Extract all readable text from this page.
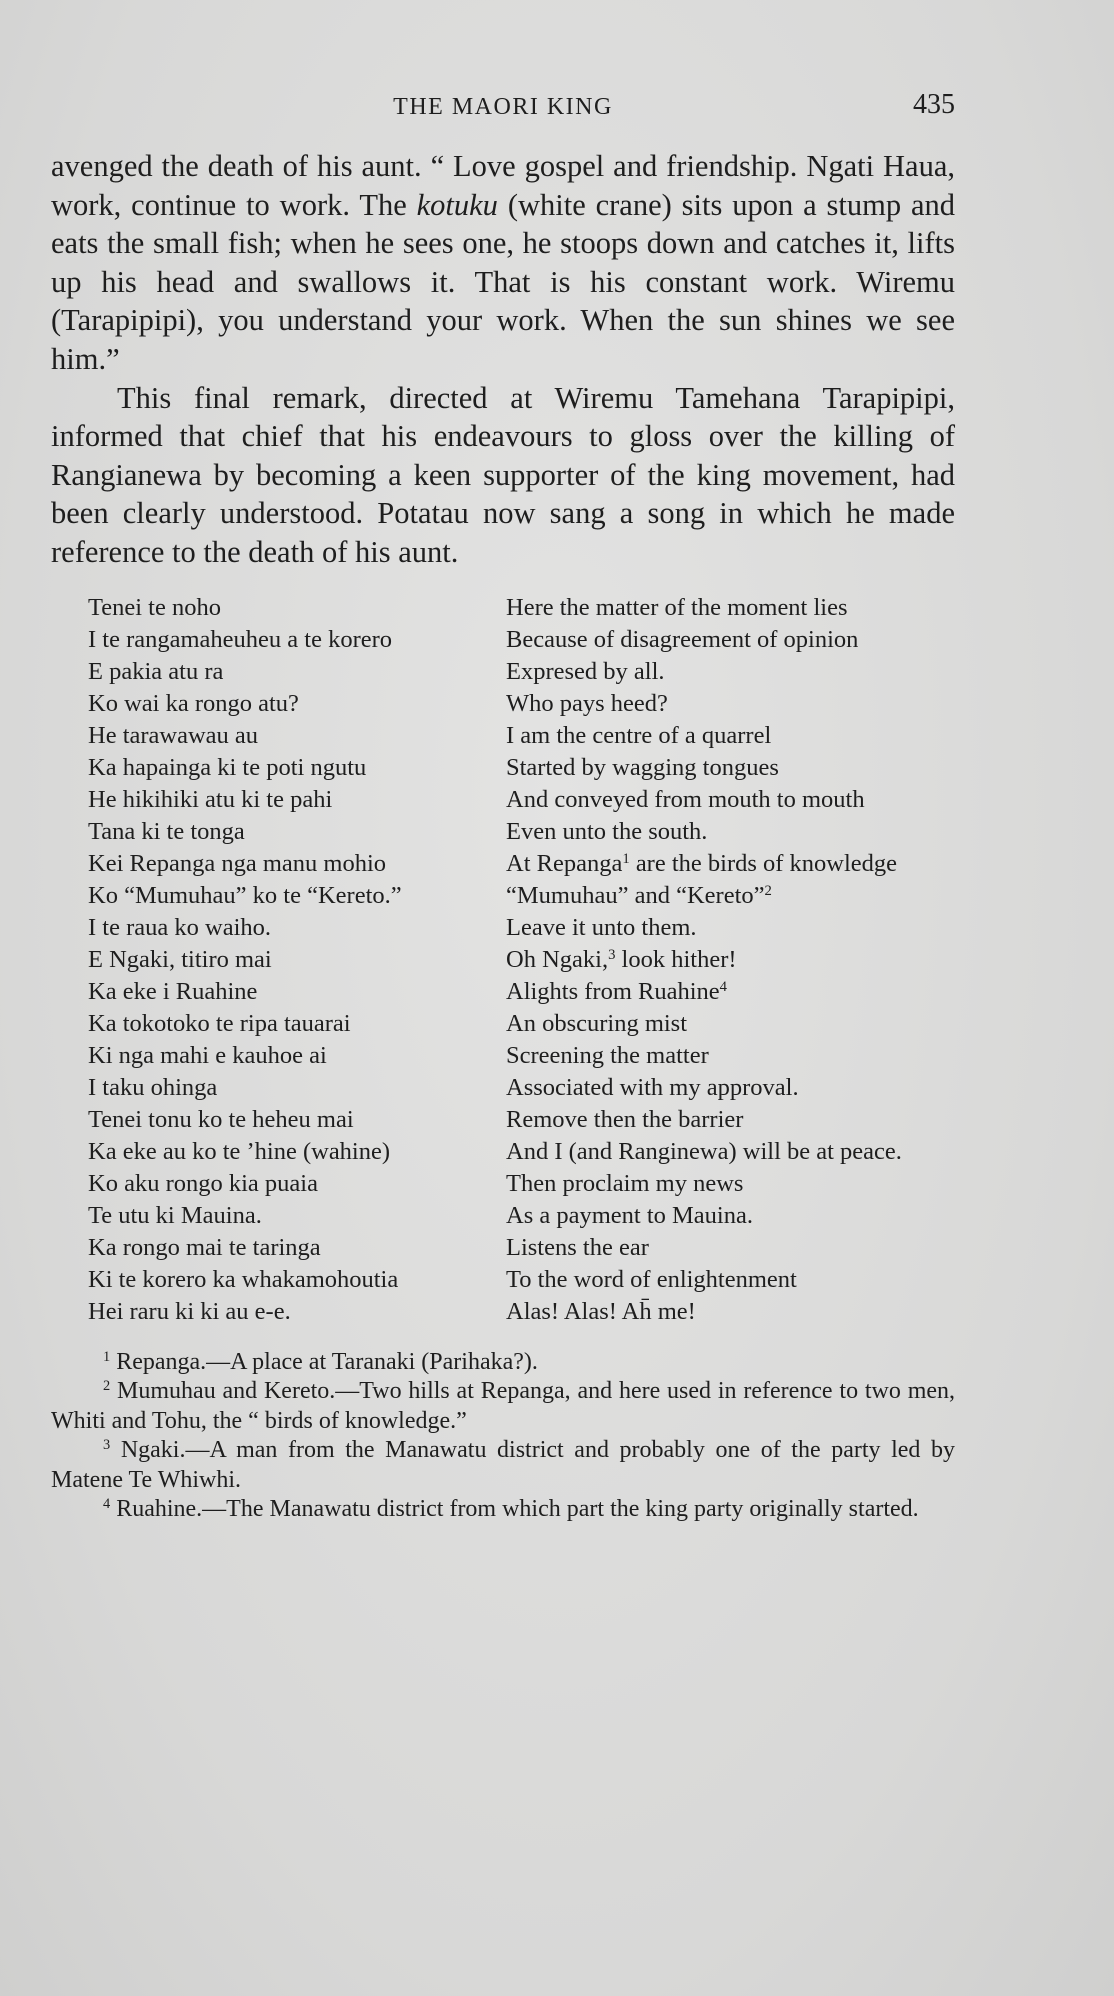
THE MAORI KING	435

avenged the death of his aunt. “ Love gospel and friendship. Ngati Haua, work, continue to work. The kotuku (white crane) sits upon a stump and eats the small fish; when he sees one, he stoops down and catches it, lifts up his head and swallows it. That is his constant work. Wiremu (Tarapipipi), you understand your work. When the sun shines we see him.”

This final remark, directed at Wiremu Tamehana Tarapipipi, informed that chief that his endeavours to gloss over the killing of Rangianewa by becoming a keen supporter of the king movement, had been clearly understood. Potatau now sang a song in which he made reference to the death of his aunt.

Tenei te noho	Here the matter of the moment lies
I te rangamaheuheu a te korero	Because of disagreement of opinion
E pakia atu ra	Expresed by all.
Ko wai ka rongo atu?	Who pays heed?
He tarawawau au	I am the centre of a quarrel
Ka hapainga ki te poti ngutu	Started by wagging tongues
He hikihiki atu ki te pahi	And conveyed from mouth to mouth
Tana ki te tonga	Even unto the south.
Kei Repanga nga manu mohio	At Repanga$^1$ are the birds of knowledge
Ko “Mumuhau” ko te “Kereto.”	“Mumuhau” and “Kereto”$^2$
I te raua ko waiho.	Leave it unto them.
E Ngaki, titiro mai	Oh Ngaki,$^3$ look hither!
Ka eke i Ruahine	Alights from Ruahine$^4$
Ka tokotoko te ripa tauarai	An obscuring mist
Ki nga mahi e kauhoe ai	Screening the matter
I taku ohinga	Associated with my approval.
Tenei tonu ko te heheu mai	Remove then the barrier
Ka eke au ko te ’hine (wahine)	And I (and Ranginewa) will be at peace.
Ko aku rongo kia puaia	Then proclaim my news
Te utu ki Mauina.	As a payment to Mauina.
Ka rongo mai te taringa	Listens the ear
Ki te korero ka whakamohoutia	To the word of enlightenment
Hei raru ki ki au e-e.	Alas! Alas! Ah̄ me!

$^1$ Repanga.—A place at Taranaki (Parihaka?).

$^2$ Mumuhau and Kereto.—Two hills at Repanga, and here used in reference to two men, Whiti and Tohu, the “ birds of knowledge.”

$^3$ Ngaki.—A man from the Manawatu district and probably one of the party led by Matene Te Whiwhi.

$^4$ Ruahine.—The Manawatu district from which part the king party originally started.
